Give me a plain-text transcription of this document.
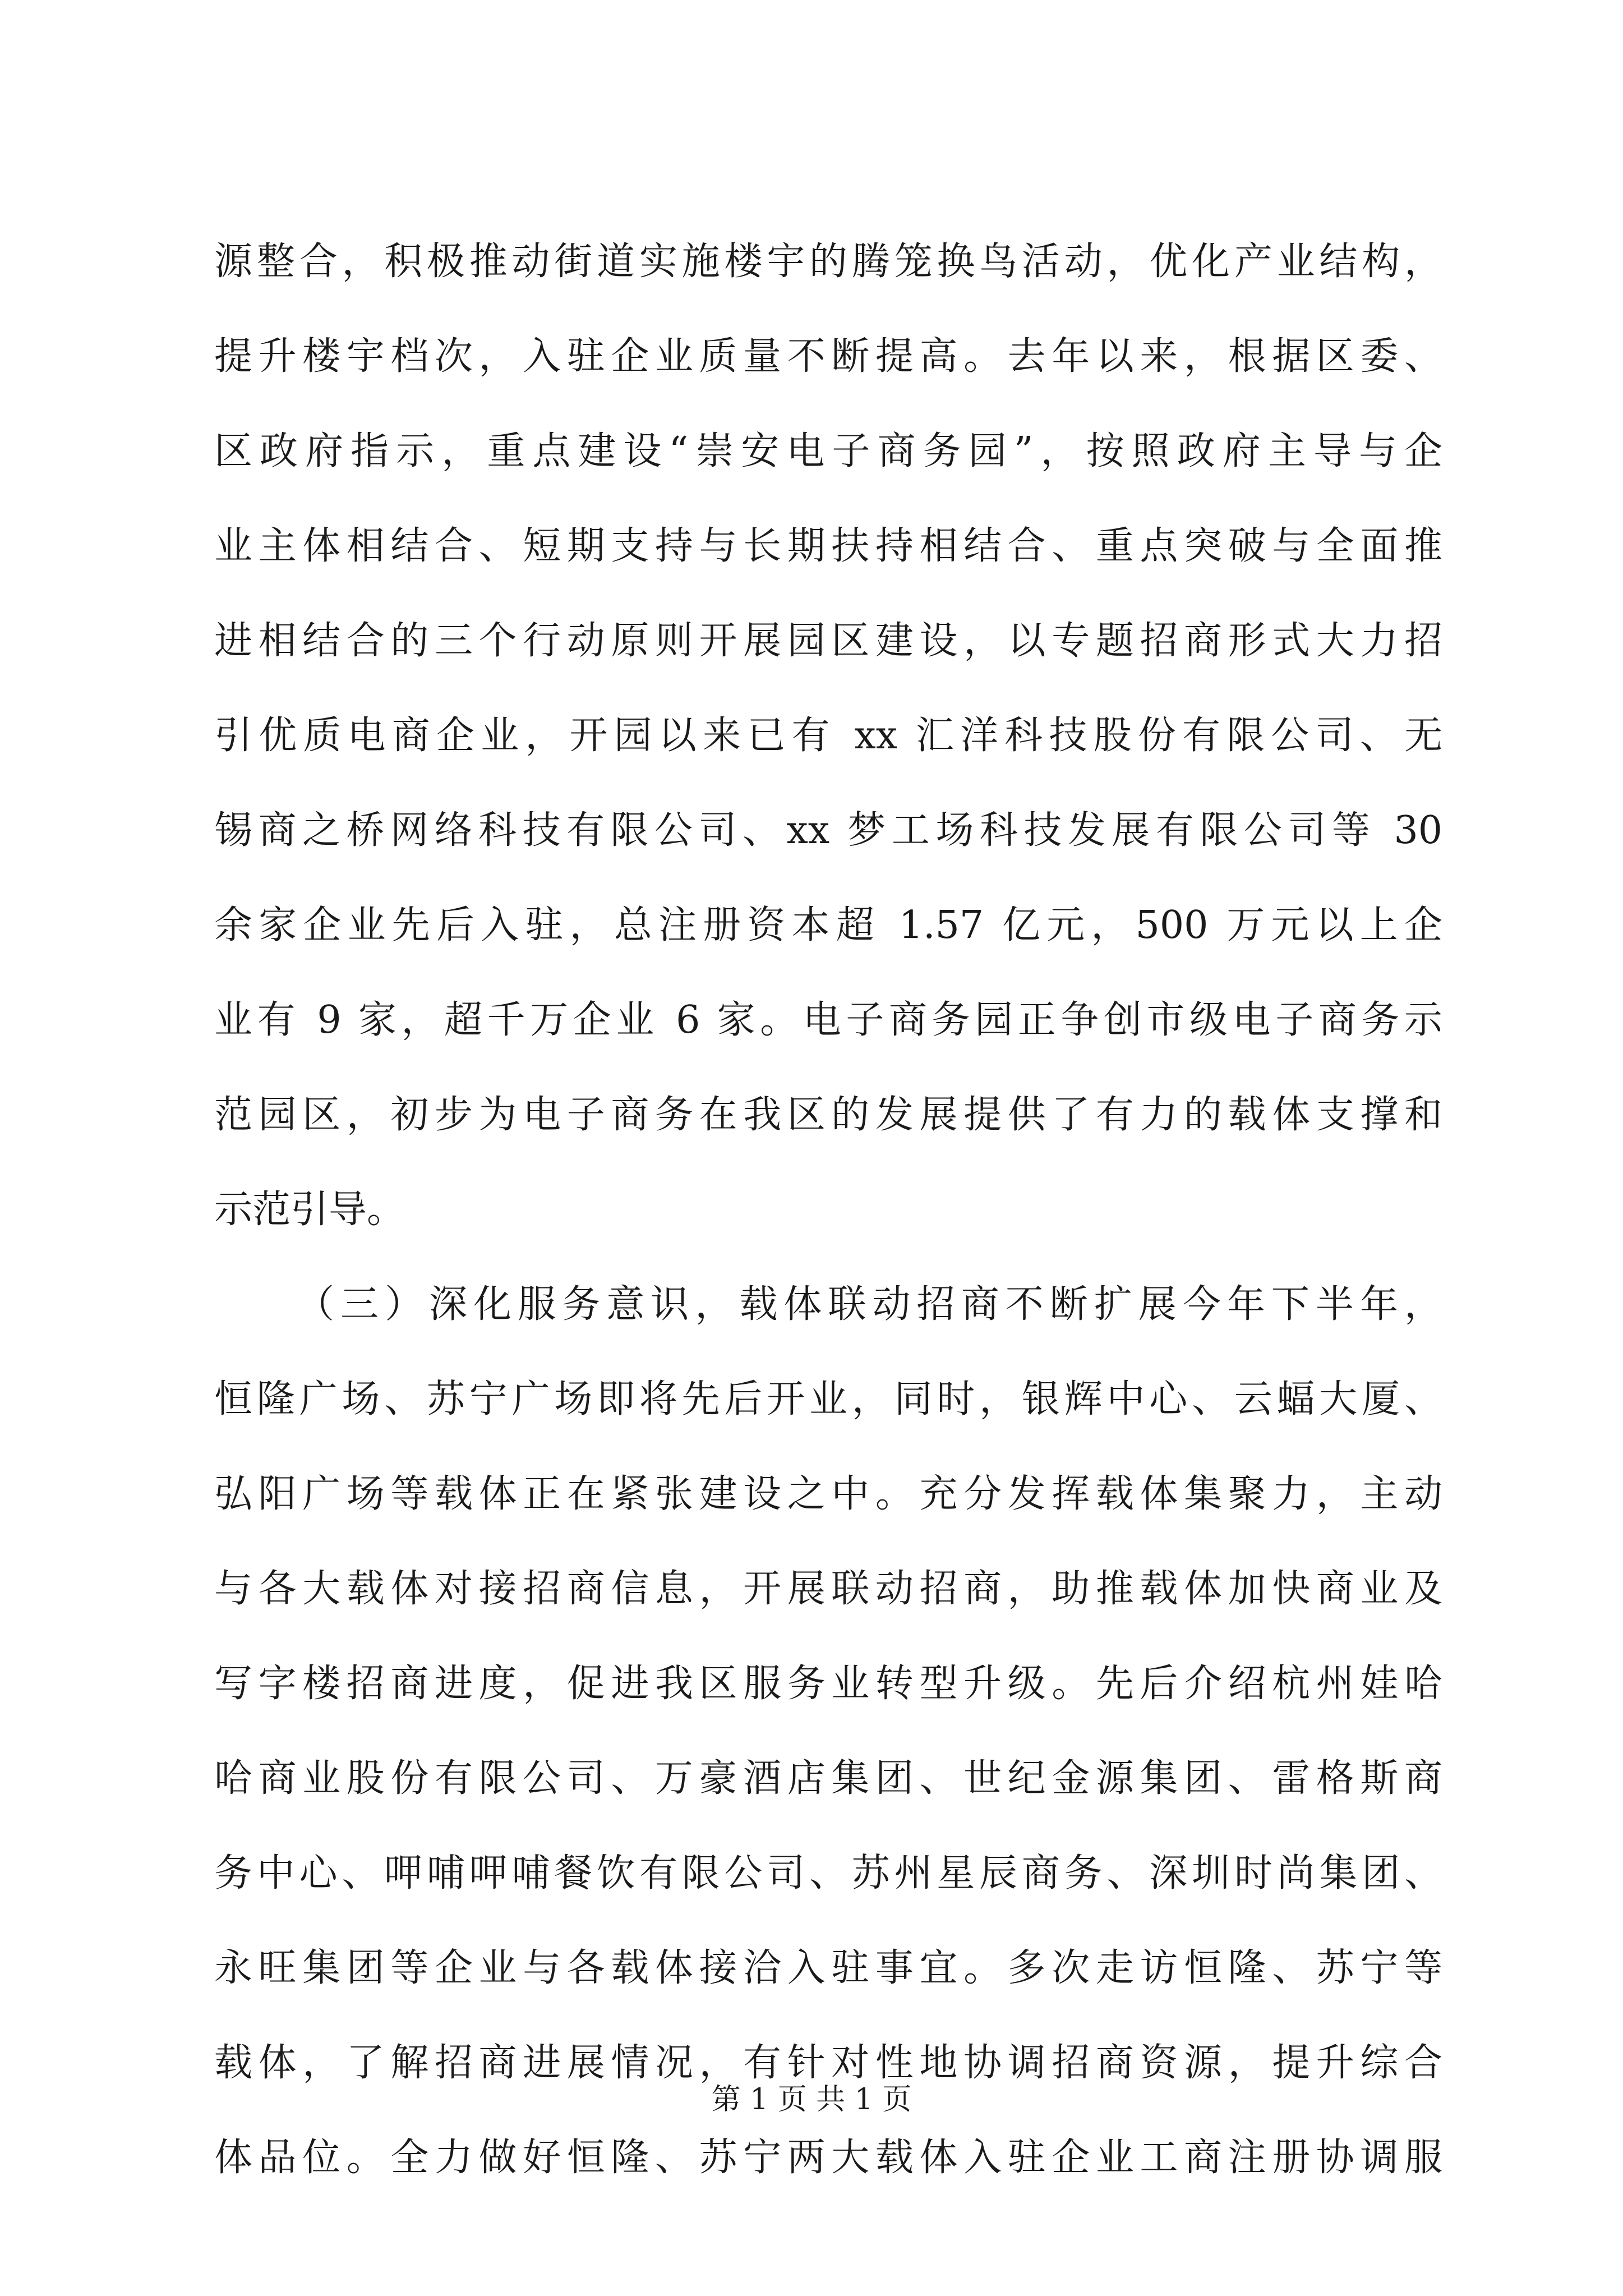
源整合，积极推动街道实施楼宇的腾笼换鸟活动，优化产业结构，
提升楼宇档次，入驻企业质量不断提高。去年以来，根据区委、
区政府指示，重点建设“崇安电子商务园”，按照政府主导与企
业主体相结合、短期支持与长期扶持相结合、重点突破与全面推
进相结合的三个行动原则开展园区建设，以专题招商形式大力招
引优质电商企业，开园以来已有 xx 汇洋科技股份有限公司、无
锡商之桥网络科技有限公司、xx 梦工场科技发展有限公司等 30
余家企业先后入驻，总注册资本超 1.57 亿元，500 万元以上企
业有 9 家，超千万企业 6 家。电子商务园正争创市级电子商务示
范园区，初步为电子商务在我区的发展提供了有力的载体支撑和
示范引导。
（三）深化服务意识，载体联动招商不断扩展今年下半年，
恒隆广场、苏宁广场即将先后开业，同时，银辉中心、云蝠大厦、
弘阳广场等载体正在紧张建设之中。充分发挥载体集聚力，主动
与各大载体对接招商信息，开展联动招商，助推载体加快商业及
写字楼招商进度，促进我区服务业转型升级。先后介绍杭州娃哈
哈商业股份有限公司、万豪酒店集团、世纪金源集团、雷格斯商
务中心、呷哺呷哺餐饮有限公司、苏州星辰商务、深圳时尚集团、
永旺集团等企业与各载体接洽入驻事宜。多次走访恒隆、苏宁等
载体，了解招商进展情况，有针对性地协调招商资源，提升综合
体品位。全力做好恒隆、苏宁两大载体入驻企业工商注册协调服
第 1 页 共 1 页
